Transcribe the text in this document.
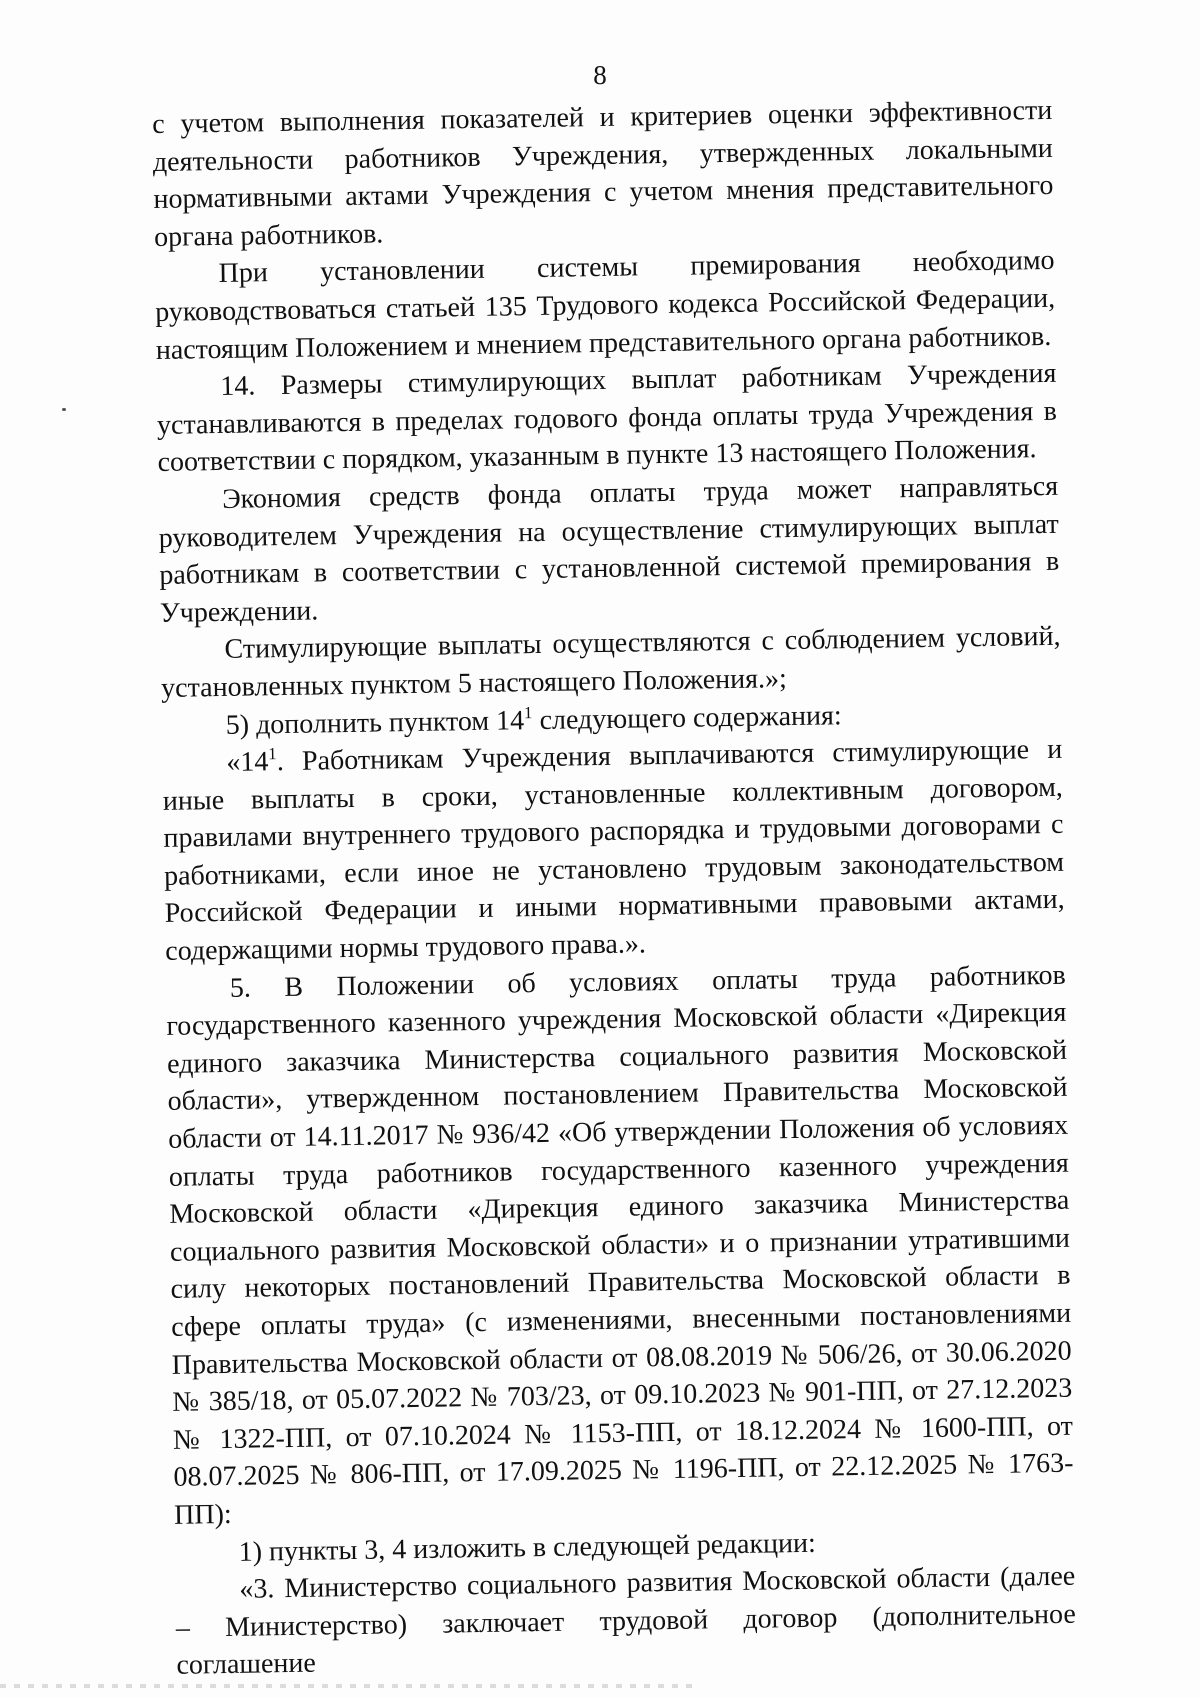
8

с учетом выполнения показателей и критериев оценки эффективности деятельности работников Учреждения, утвержденных локальными нормативными актами Учреждения с учетом мнения представительного органа работников.

При установлении системы премирования необходимо руководствоваться статьей 135 Трудового кодекса Российской Федерации, настоящим Положением и мнением представительного органа работников.

14. Размеры стимулирующих выплат работникам Учреждения устанавливаются в пределах годового фонда оплаты труда Учреждения в соответствии с порядком, указанным в пункте 13 настоящего Положения.

Экономия средств фонда оплаты труда может направляться руководителем Учреждения на осуществление стимулирующих выплат работникам в соответствии с установленной системой премирования в Учреждении.

Стимулирующие выплаты осуществляются с соблюдением условий, установленных пунктом 5 настоящего Положения.»;

5) дополнить пунктом $14^1$ следующего содержания:

«$14^1$. Работникам Учреждения выплачиваются стимулирующие и иные выплаты в сроки, установленные коллективным договором, правилами внутреннего трудового распорядка и трудовыми договорами с работниками, если иное не установлено трудовым законодательством Российской Федерации и иными нормативными правовыми актами, содержащими нормы трудового права.».

5. В Положении об условиях оплаты труда работников государственного казенного учреждения Московской области «Дирекция единого заказчика Министерства социального развития Московской области», утвержденном постановлением Правительства Московской области от 14.11.2017 № 936/42 «Об утверждении Положения об условиях оплаты труда работников государственного казенного учреждения Московской области «Дирекция единого заказчика Министерства социального развития Московской области» и о признании утратившими силу некоторых постановлений Правительства Московской области в сфере оплаты труда» (с изменениями, внесенными постановлениями Правительства Московской области от 08.08.2019 № 506/26, от 30.06.2020 № 385/18, от 05.07.2022 № 703/23, от 09.10.2023 № 901-ПП, от 27.12.2023 № 1322-ПП, от 07.10.2024 № 1153-ПП, от 18.12.2024 № 1600-ПП, от 08.07.2025 № 806-ПП, от 17.09.2025 № 1196-ПП, от 22.12.2025 № 1763-ПП):

1) пункты 3, 4 изложить в следующей редакции:

«3. Министерство социального развития Московской области (далее – Министерство) заключает трудовой договор (дополнительное соглашение
